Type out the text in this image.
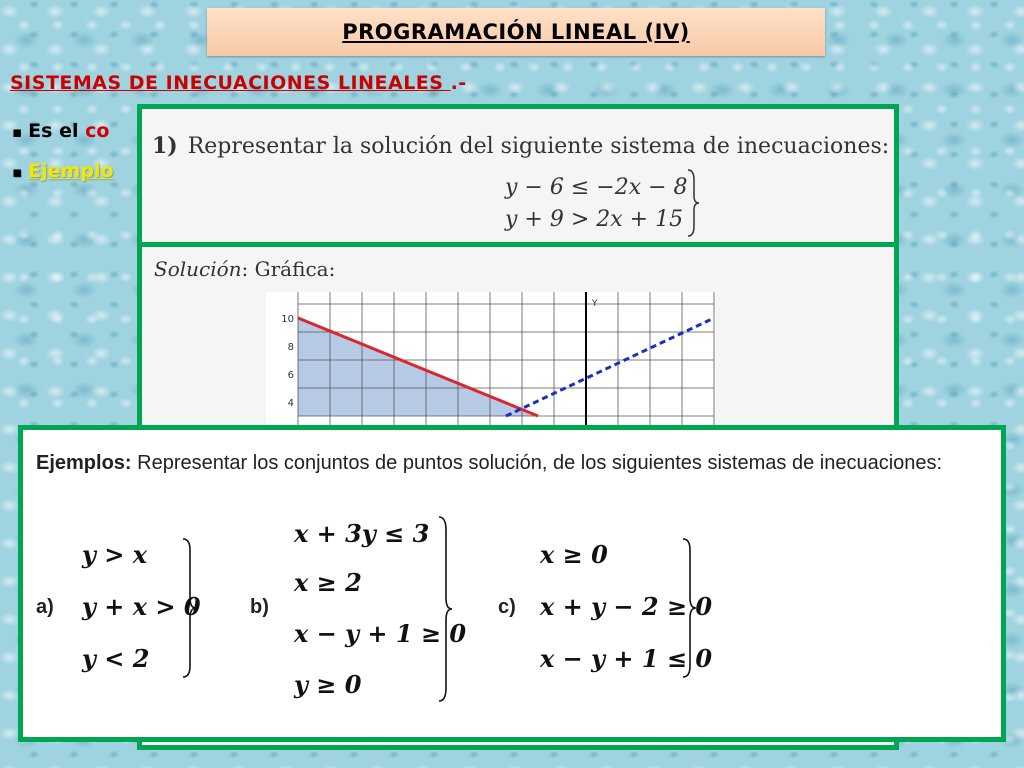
PROGRAMACIÓN LINEAL (IV)
SISTEMAS DE INECUACIONES LINEALES .-
▪ Es el co
▪ Ejemplo
1) Representar la solución del siguiente sistema de inecuaciones:
y − 6 ≤ −2x − 8
y + 9 > 2x + 15
Solución: Gráfica:
Y
10
8
6
4
Ejemplos: Representar los conjuntos de puntos solución, de los siguientes sistemas de inecuaciones:
a)
y > x
y + x > 0
y < 2
b)
x + 3y ≤ 3
x ≥ 2
x − y + 1 ≥ 0
y ≥ 0
c)
x ≥ 0
x + y − 2 ≥ 0
x − y + 1 ≤ 0
